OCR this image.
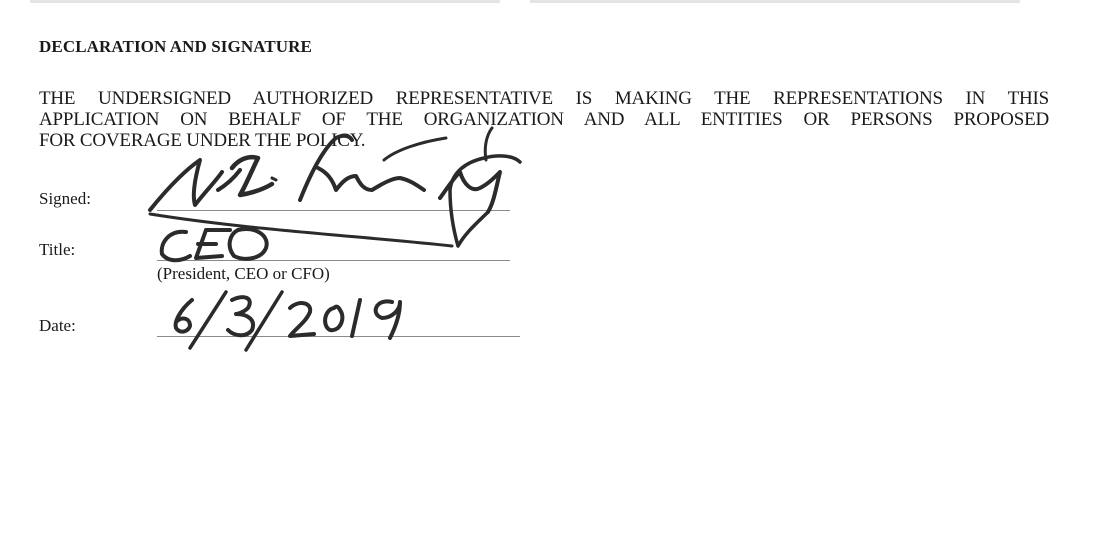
DECLARATION AND SIGNATURE

THE UNDERSIGNED AUTHORIZED REPRESENTATIVE IS MAKING THE REPRESENTATIONS IN THIS
APPLICATION ON BEHALF OF THE ORGANIZATION AND ALL ENTITIES OR PERSONS PROPOSED
FOR COVERAGE UNDER THE POLICY.

Signed:

Title:

(President, CEO or CFO)

Date:
